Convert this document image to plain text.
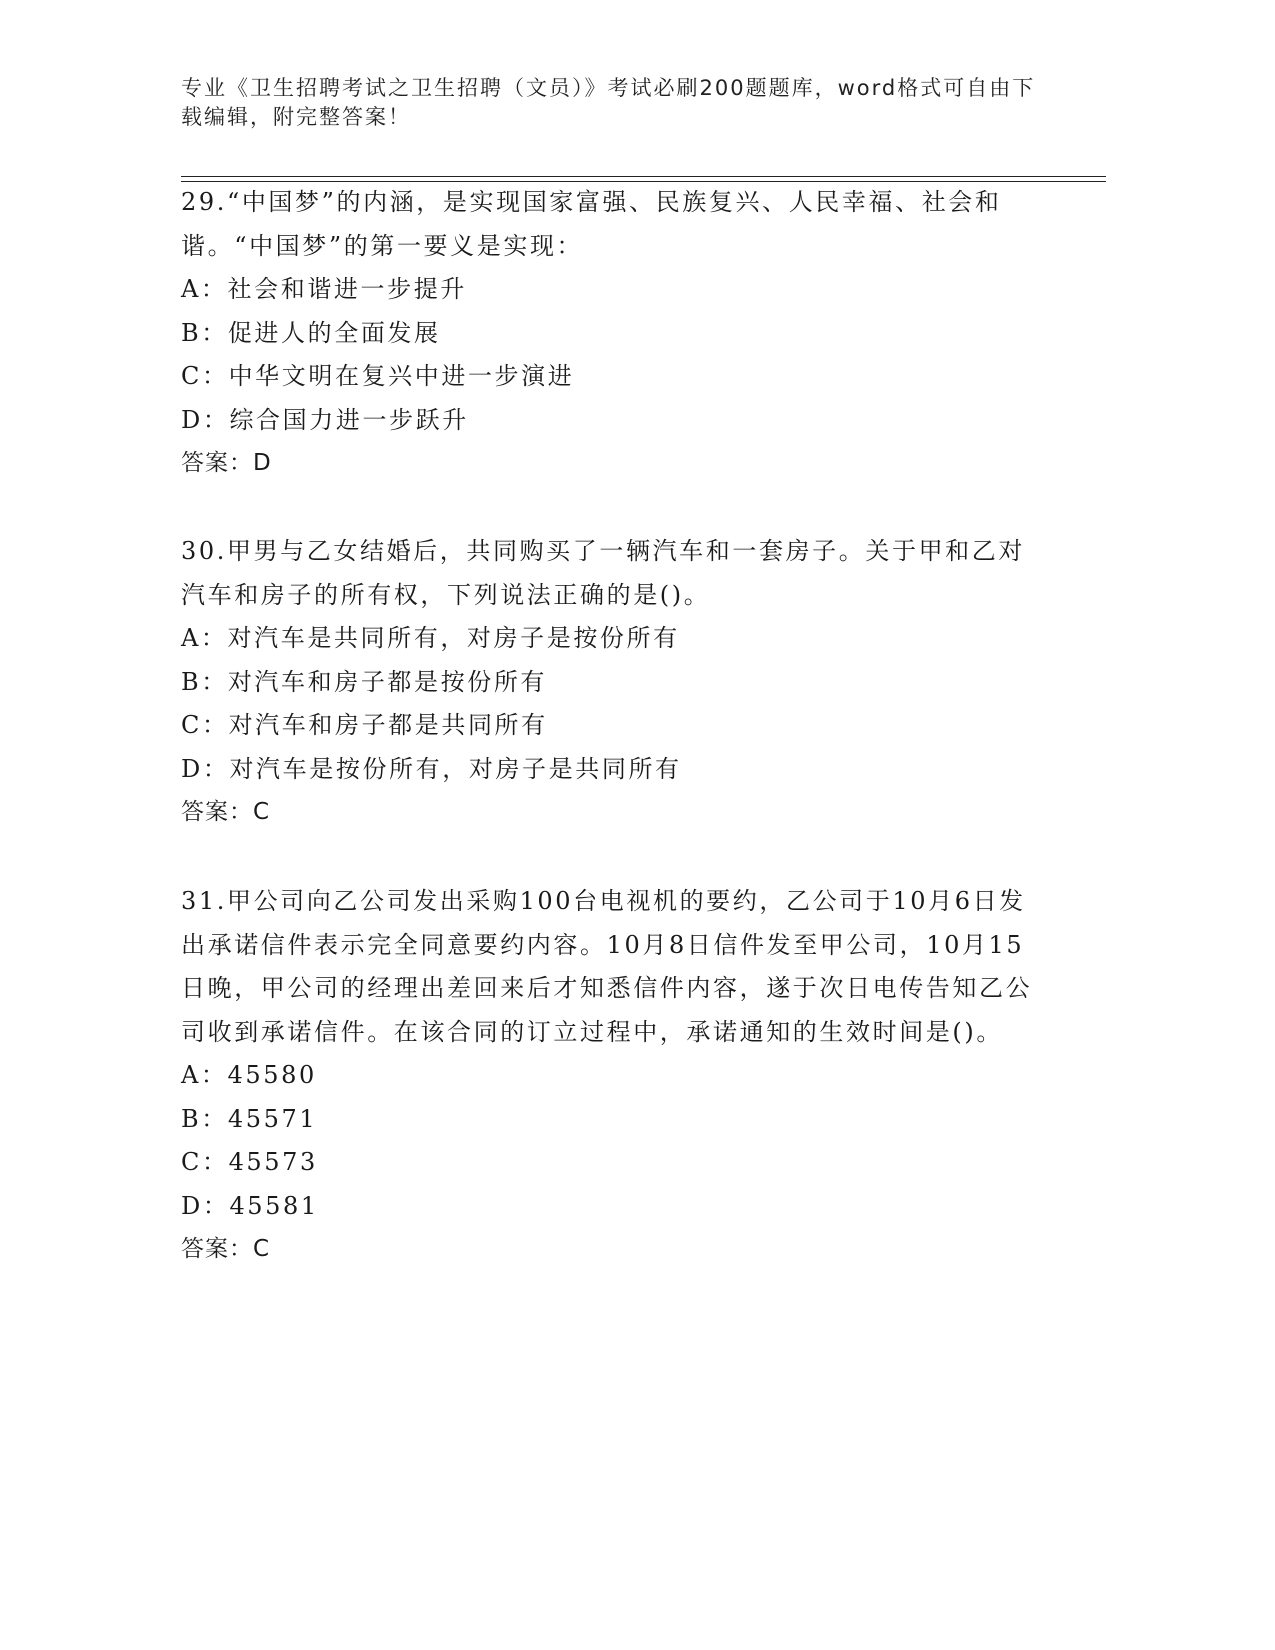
专业《卫生招聘考试之卫生招聘（文员）》考试必刷200题题库，word格式可自由下载编辑，附完整答案！

29.“中国梦”的内涵，是实现国家富强、民族复兴、人民幸福、社会和谐。“中国梦”的第一要义是实现：

A：社会和谐进一步提升

B：促进人的全面发展

C：中华文明在复兴中进一步演进

D：综合国力进一步跃升

答案：D

30.甲男与乙女结婚后，共同购买了一辆汽车和一套房子。关于甲和乙对汽车和房子的所有权，下列说法正确的是()。

A：对汽车是共同所有，对房子是按份所有

B：对汽车和房子都是按份所有

C：对汽车和房子都是共同所有

D：对汽车是按份所有，对房子是共同所有

答案：C

31.甲公司向乙公司发出采购100台电视机的要约，乙公司于10月6日发出承诺信件表示完全同意要约内容。10月8日信件发至甲公司，10月15日晚，甲公司的经理出差回来后才知悉信件内容，遂于次日电传告知乙公司收到承诺信件。在该合同的订立过程中，承诺通知的生效时间是()。

A：45580

B：45571

C：45573

D：45581

答案：C
